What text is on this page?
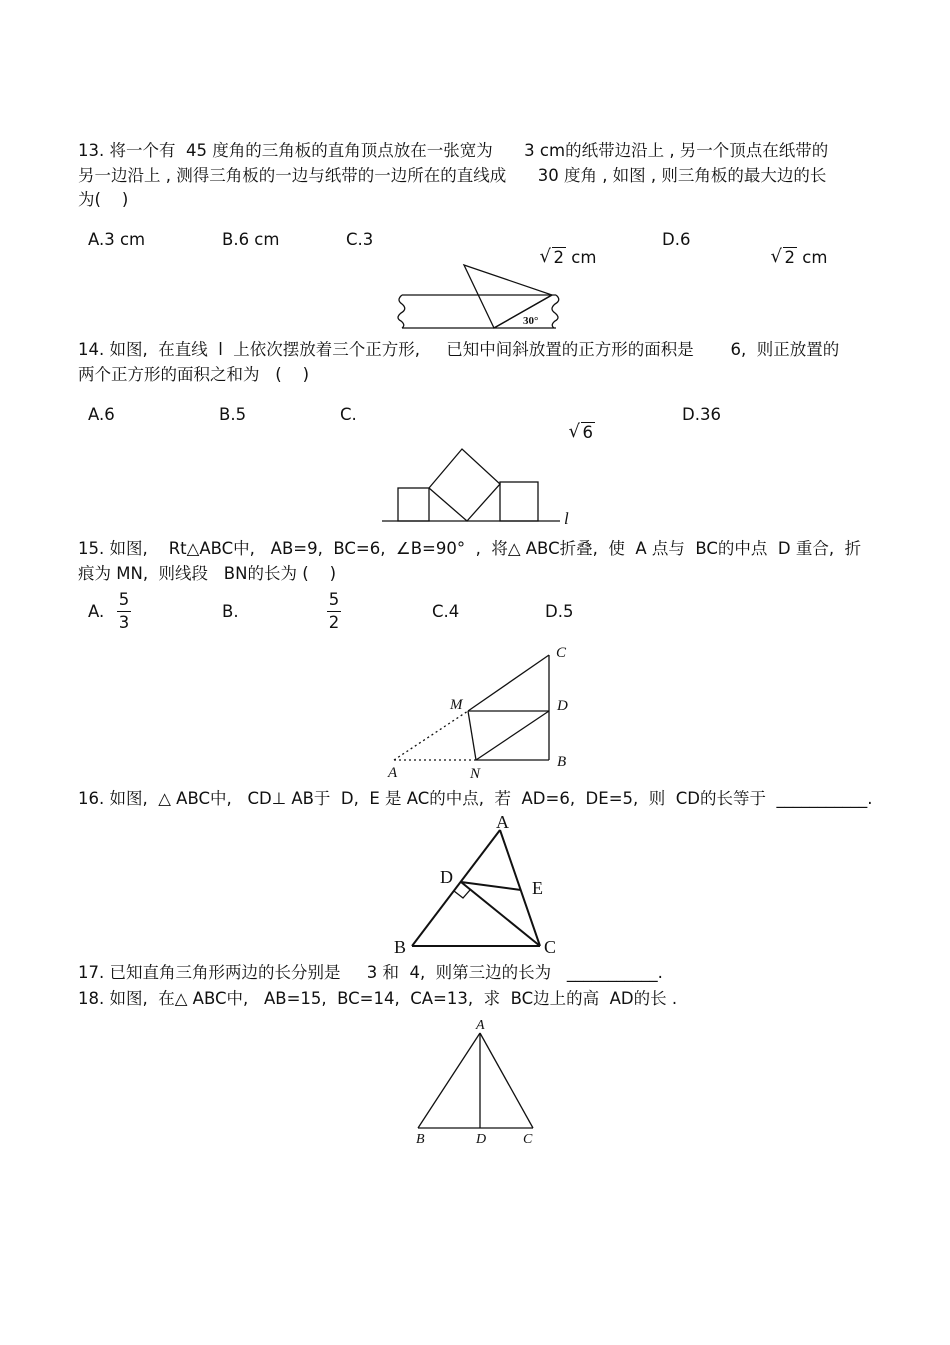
13. 将一个有  45 度角的三角板的直角顶点放在一张宽为      3 cm的纸带边沿上 , 另一个顶点在纸带的
另一边沿上 , 测得三角板的一边与纸带的一边所在的直线成      30 度角 , 如图 , 则三角板的最大边的长
为(    )
A.3 cm	B.6 cm	C.3

√ 2 cm

D.6

√ 2 cm

30°
14. 如图,  在直线  l  上依次摆放着三个正方形,     已知中间斜放置的正方形的面积是       6,  则正放置的
两个正方形的面积之和为   (    )
A.6	B.5	C.

√ 6

D.36
l
15. 如图,    Rt△ABC中,   AB=9,  BC=6,  ∠B=90°  ,  将△ ABC折叠,  使  A 点与  BC的中点  D 重合,  折
痕为 MN,  则线段   BN的长为 (    )
A.
5
3
B.
5
2
C.4	D.5
C
M	D
A	N
B
16. 如图,  △ ABC中,   CD⊥ AB于  D,  E 是 AC的中点,  若  AD=6,  DE=5,  则  CD的长等于  ___________.
A
D
E
B	C
17. 已知直角三角形两边的长分别是     3 和  4,  则第三边的长为   ___________.
18. 如图,  在△ ABC中,   AB=15,  BC=14,  CA=13,  求  BC边上的高  AD的长 .
A
B	D	C
